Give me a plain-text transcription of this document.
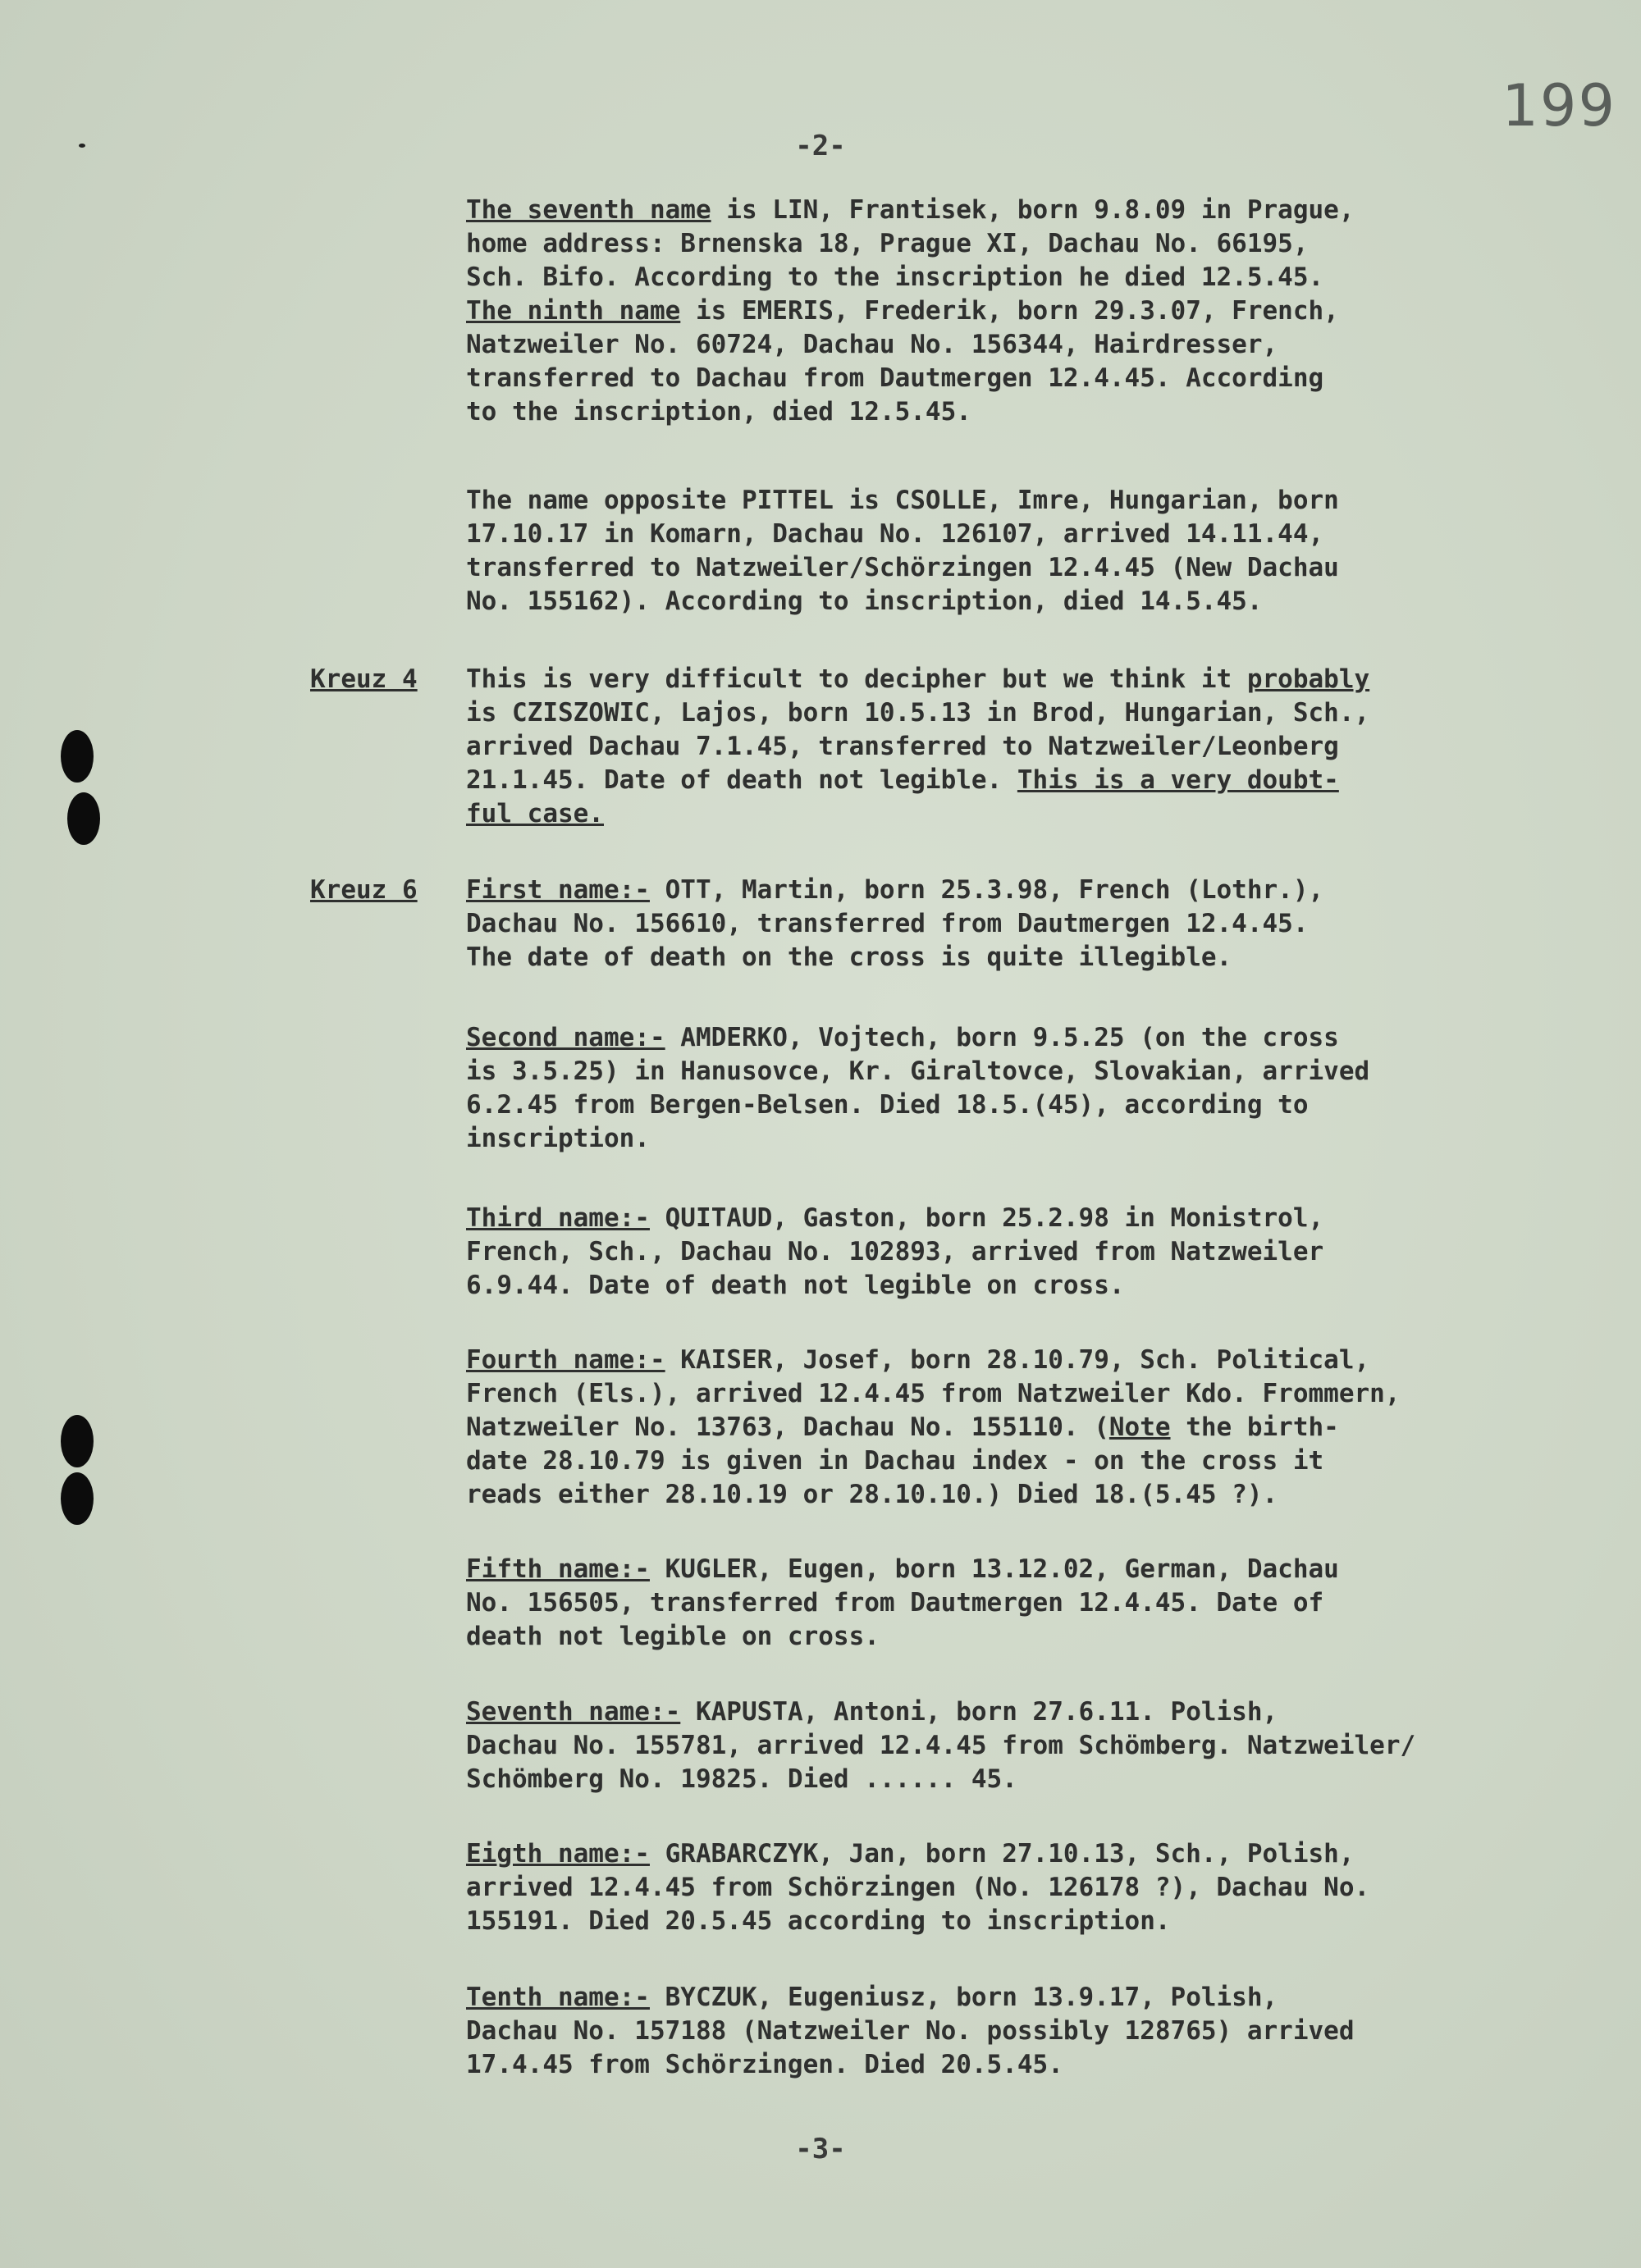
199
-2-

The seventh name is LIN, Frantisek, born 9.8.09 in Prague,
home address: Brnenska 18, Prague XI, Dachau No. 66195,
Sch. Bifo. According to the inscription he died 12.5.45.
The ninth name is EMERIS, Frederik, born 29.3.07, French,
Natzweiler No. 60724, Dachau No. 156344, Hairdresser,
transferred to Dachau from Dautmergen 12.4.45. According
to the inscription, died 12.5.45.

The name opposite PITTEL is CSOLLE, Imre, Hungarian, born
17.10.17 in Komarn, Dachau No. 126107, arrived 14.11.44,
transferred to Natzweiler/Schörzingen 12.4.45 (New Dachau
No. 155162). According to inscription, died 14.5.45.

Kreuz 4 This is very difficult to decipher but we think it probably
is CZISZOWIC, Lajos, born 10.5.13 in Brod, Hungarian, Sch.,
arrived Dachau 7.1.45, transferred to Natzweiler/Leonberg
21.1.45. Date of death not legible. This is a very doubt-
ful case.

Kreuz 6 First name:- OTT, Martin, born 25.3.98, French (Lothr.),
Dachau No. 156610, transferred from Dautmergen 12.4.45.
The date of death on the cross is quite illegible.

Second name:- AMDERKO, Vojtech, born 9.5.25 (on the cross
is 3.5.25) in Hanusovce, Kr. Giraltovce, Slovakian, arrived
6.2.45 from Bergen-Belsen. Died 18.5.(45), according to
inscription.

Third name:- QUITAUD, Gaston, born 25.2.98 in Monistrol,
French, Sch., Dachau No. 102893, arrived from Natzweiler
6.9.44. Date of death not legible on cross.

Fourth name:- KAISER, Josef, born 28.10.79, Sch. Political,
French (Els.), arrived 12.4.45 from Natzweiler Kdo. Frommern,
Natzweiler No. 13763, Dachau No. 155110. (Note the birth-
date 28.10.79 is given in Dachau index - on the cross it
reads either 28.10.19 or 28.10.10.) Died 18.(5.45 ?).

Fifth name:- KUGLER, Eugen, born 13.12.02, German, Dachau
No. 156505, transferred from Dautmergen 12.4.45. Date of
death not legible on cross.

Seventh name:- KAPUSTA, Antoni, born 27.6.11. Polish,
Dachau No. 155781, arrived 12.4.45 from Schömberg. Natzweiler/
Schömberg No. 19825. Died ...... 45.

Eigth name:- GRABARCZYK, Jan, born 27.10.13, Sch., Polish,
arrived 12.4.45 from Schörzingen (No. 126178 ?), Dachau No.
155191. Died 20.5.45 according to inscription.

Tenth name:- BYCZUK, Eugeniusz, born 13.9.17, Polish,
Dachau No. 157188 (Natzweiler No. possibly 128765) arrived
17.4.45 from Schörzingen. Died 20.5.45.

-3-
